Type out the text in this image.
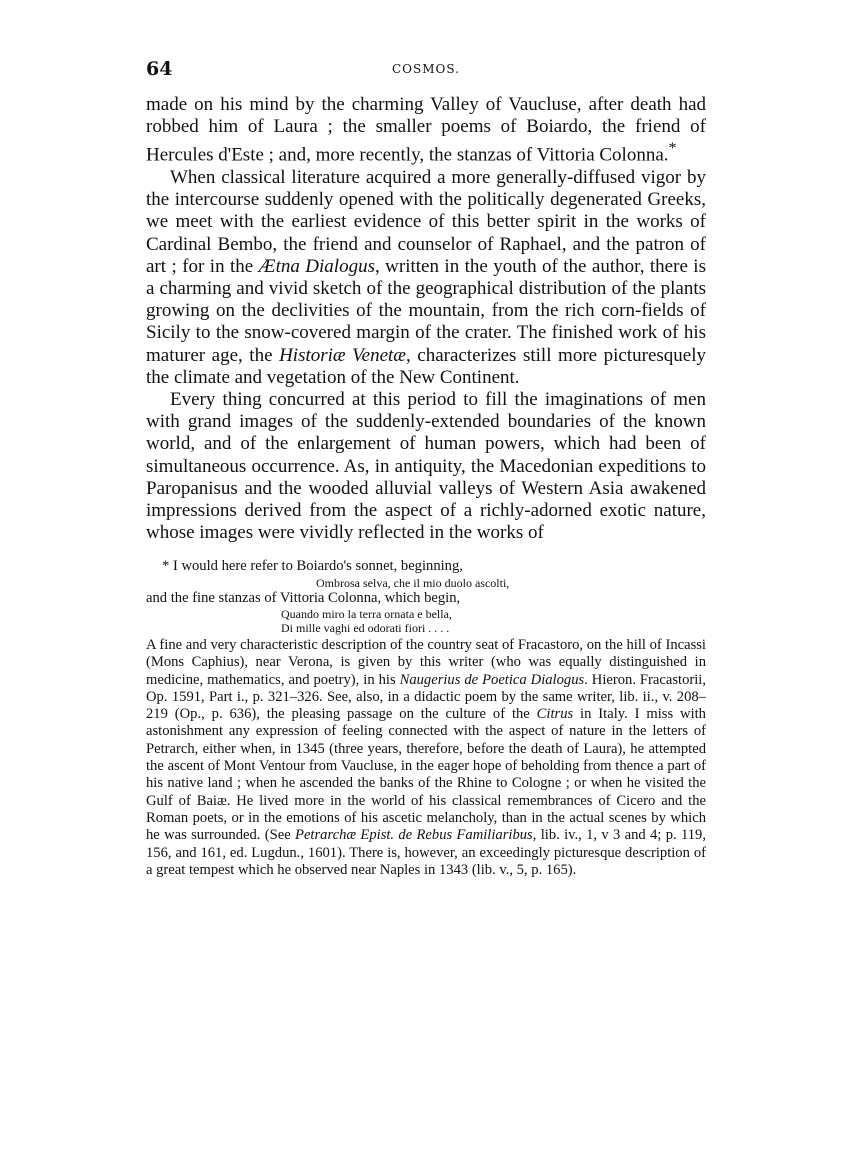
64	COSMOS.

made on his mind by the charming Valley of Vaucluse, after death had robbed him of Laura ; the smaller poems of Boiardo, the friend of Hercules d'Este ; and, more recently, the stanzas of Vittoria Colonna.*

When classical literature acquired a more generally-diffused vigor by the intercourse suddenly opened with the politically degenerated Greeks, we meet with the earliest evidence of this better spirit in the works of Cardinal Bembo, the friend and counselor of Raphael, and the patron of art ; for in the Ætna Dialogus, written in the youth of the author, there is a charming and vivid sketch of the geographical distribution of the plants growing on the declivities of the mountain, from the rich corn-fields of Sicily to the snow-covered margin of the crater. The finished work of his maturer age, the Historiæ Venetæ, characterizes still more picturesquely the climate and vegetation of the New Continent.

Every thing concurred at this period to fill the imaginations of men with grand images of the suddenly-extended boundaries of the known world, and of the enlargement of human powers, which had been of simultaneous occurrence. As, in antiquity, the Macedonian expeditions to Paropanisus and the wooded alluvial valleys of Western Asia awakened impressions derived from the aspect of a richly-adorned exotic nature, whose images were vividly reflected in the works of

* I would here refer to Boiardo's sonnet, beginning,

Ombrosa selva, che il mio duolo ascolti,

and the fine stanzas of Vittoria Colonna, which begin,

Quando miro la terra ornata e bella,

Di mille vaghi ed odorati fiori . . . .

A fine and very characteristic description of the country seat of Fracastoro, on the hill of Incassi (Mons Caphius), near Verona, is given by this writer (who was equally distinguished in medicine, mathematics, and poetry), in his Naugerius de Poetica Dialogus. Hieron. Fracastorii, Op. 1591, Part i., p. 321–326. See, also, in a didactic poem by the same writer, lib. ii., v. 208–219 (Op., p. 636), the pleasing passage on the culture of the Citrus in Italy. I miss with astonishment any expression of feeling connected with the aspect of nature in the letters of Petrarch, either when, in 1345 (three years, therefore, before the death of Laura), he attempted the ascent of Mont Ventour from Vaucluse, in the eager hope of beholding from thence a part of his native land ; when he ascended the banks of the Rhine to Cologne ; or when he visited the Gulf of Baiæ. He lived more in the world of his classical remembrances of Cicero and the Roman poets, or in the emotions of his ascetic melancholy, than in the actual scenes by which he was surrounded. (See Petrarchæ Epist. de Rebus Familiaribus, lib. iv., 1, v 3 and 4; p. 119, 156, and 161, ed. Lugdun., 1601). There is, however, an exceedingly picturesque description of a great tempest which he observed near Naples in 1343 (lib. v., 5, p. 165).
